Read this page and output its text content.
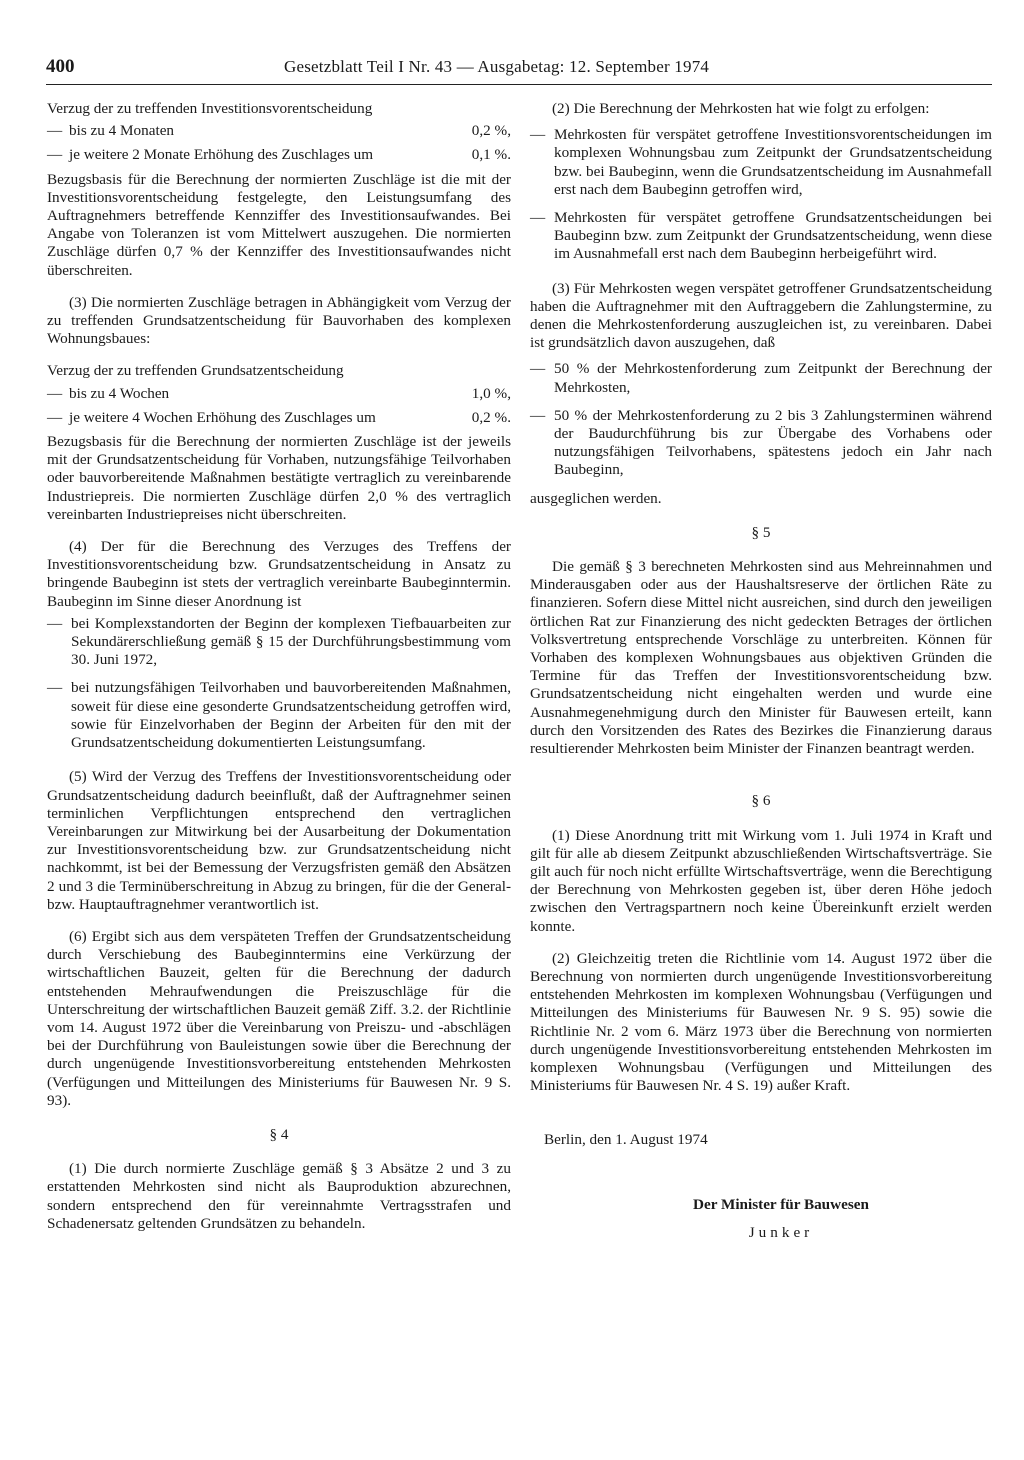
400	Gesetzblatt Teil I Nr. 43 — Ausgabetag: 12. September 1974

Verzug der zu treffenden Investitionsvorentscheidung

— bis zu 4 Monaten	0,2 %,
— je weitere 2 Monate Erhöhung des Zuschlages um	0,1 %.

Bezugsbasis für die Berechnung der normierten Zuschläge ist die mit der Investitionsvorentscheidung festgelegte, den Leistungsumfang des Auftragnehmers betreffende Kennziffer des Investitionsaufwandes. Bei Angabe von Toleranzen ist vom Mittelwert auszugehen. Die normierten Zuschläge dürfen 0,7 % der Kennziffer des Investitionsaufwandes nicht überschreiten.

(3) Die normierten Zuschläge betragen in Abhängigkeit vom Verzug der zu treffenden Grundsatzentscheidung für Bauvorhaben des komplexen Wohnungsbaues:

Verzug der zu treffenden Grundsatzentscheidung

— bis zu 4 Wochen	1,0 %,
— je weitere 4 Wochen Erhöhung des Zuschlages um	0,2 %.

Bezugsbasis für die Berechnung der normierten Zuschläge ist der jeweils mit der Grundsatzentscheidung für Vorhaben, nutzungsfähige Teilvorhaben oder bauvorbereitende Maßnahmen bestätigte vertraglich zu vereinbarende Industriepreis. Die normierten Zuschläge dürfen 2,0 % des vertraglich vereinbarten Industriepreises nicht überschreiten.

(4) Der für die Berechnung des Verzuges des Treffens der Investitionsvorentscheidung bzw. Grundsatzentscheidung in Ansatz zu bringende Baubeginn ist stets der vertraglich vereinbarte Baubeginntermin. Baubeginn im Sinne dieser Anordnung ist

— bei Komplexstandorten der Beginn der komplexen Tiefbauarbeiten zur Sekundärerschließung gemäß § 15 der Durchführungsbestimmung vom 30. Juni 1972,
— bei nutzungsfähigen Teilvorhaben und bauvorbereitenden Maßnahmen, soweit für diese eine gesonderte Grundsatzentscheidung getroffen wird, sowie für Einzelvorhaben der Beginn der Arbeiten für den mit der Grundsatzentscheidung dokumentierten Leistungsumfang.

(5) Wird der Verzug des Treffens der Investitionsvorentscheidung oder Grundsatzentscheidung dadurch beeinflußt, daß der Auftragnehmer seinen terminlichen Verpflichtungen entsprechend den vertraglichen Vereinbarungen zur Mitwirkung bei der Ausarbeitung der Dokumentation zur Investitionsvorentscheidung bzw. zur Grundsatzentscheidung nicht nachkommt, ist bei der Bemessung der Verzugsfristen gemäß den Absätzen 2 und 3 die Terminüberschreitung in Abzug zu bringen, für die der General- bzw. Hauptauftragnehmer verantwortlich ist.

(6) Ergibt sich aus dem verspäteten Treffen der Grundsatzentscheidung durch Verschiebung des Baubeginntermins eine Verkürzung der wirtschaftlichen Bauzeit, gelten für die Berechnung der dadurch entstehenden Mehraufwendungen die Preiszuschläge für die Unterschreitung der wirtschaftlichen Bauzeit gemäß Ziff. 3.2. der Richtlinie vom 14. August 1972 über die Vereinbarung von Preiszu- und -abschlägen bei der Durchführung von Bauleistungen sowie über die Berechnung der durch ungenügende Investitionsvorbereitung entstehenden Mehrkosten (Verfügungen und Mitteilungen des Ministeriums für Bauwesen Nr. 9 S. 93).

§ 4

(1) Die durch normierte Zuschläge gemäß § 3 Absätze 2 und 3 zu erstattenden Mehrkosten sind nicht als Bauproduktion abzurechnen, sondern entsprechend den für vereinnahmte Vertragsstrafen und Schadenersatz geltenden Grundsätzen zu behandeln.

(2) Die Berechnung der Mehrkosten hat wie folgt zu erfolgen:

— Mehrkosten für verspätet getroffene Investitionsvorentscheidungen im komplexen Wohnungsbau zum Zeitpunkt der Grundsatzentscheidung bzw. bei Baubeginn, wenn die Grundsatzentscheidung im Ausnahmefall erst nach dem Baubeginn getroffen wird,
— Mehrkosten für verspätet getroffene Grundsatzentscheidungen bei Baubeginn bzw. zum Zeitpunkt der Grundsatzentscheidung, wenn diese im Ausnahmefall erst nach dem Baubeginn herbeigeführt wird.

(3) Für Mehrkosten wegen verspätet getroffener Grundsatzentscheidung haben die Auftragnehmer mit den Auftraggebern die Zahlungstermine, zu denen die Mehrkostenforderung auszugleichen ist, zu vereinbaren. Dabei ist grundsätzlich davon auszugehen, daß

— 50 % der Mehrkostenforderung zum Zeitpunkt der Berechnung der Mehrkosten,
— 50 % der Mehrkostenforderung zu 2 bis 3 Zahlungsterminen während der Baudurchführung bis zur Übergabe des Vorhabens oder nutzungsfähigen Teilvorhabens, spätestens jedoch ein Jahr nach Baubeginn,

ausgeglichen werden.

§ 5

Die gemäß § 3 berechneten Mehrkosten sind aus Mehreinnahmen und Minderausgaben oder aus der Haushaltsreserve der örtlichen Räte zu finanzieren. Sofern diese Mittel nicht ausreichen, sind durch den jeweiligen örtlichen Rat zur Finanzierung des nicht gedeckten Betrages der örtlichen Volksvertretung entsprechende Vorschläge zu unterbreiten. Können für Vorhaben des komplexen Wohnungsbaues aus objektiven Gründen die Termine für das Treffen der Investitionsvorentscheidung bzw. Grundsatzentscheidung nicht eingehalten werden und wurde eine Ausnahmegenehmigung durch den Minister für Bauwesen erteilt, kann durch den Vorsitzenden des Rates des Bezirkes die Finanzierung daraus resultierender Mehrkosten beim Minister der Finanzen beantragt werden.

§ 6

(1) Diese Anordnung tritt mit Wirkung vom 1. Juli 1974 in Kraft und gilt für alle ab diesem Zeitpunkt abzuschließenden Wirtschaftsverträge. Sie gilt auch für noch nicht erfüllte Wirtschaftsverträge, wenn die Berechtigung der Berechnung von Mehrkosten gegeben ist, über deren Höhe jedoch zwischen den Vertragspartnern noch keine Übereinkunft erzielt werden konnte.

(2) Gleichzeitig treten die Richtlinie vom 14. August 1972 über die Berechnung von normierten durch ungenügende Investitionsvorbereitung entstehenden Mehrkosten im komplexen Wohnungsbau (Verfügungen und Mitteilungen des Ministeriums für Bauwesen Nr. 9 S. 95) sowie die Richtlinie Nr. 2 vom 6. März 1973 über die Berechnung von normierten durch ungenügende Investitionsvorbereitung entstehenden Mehrkosten im komplexen Wohnungsbau (Verfügungen und Mitteilungen des Ministeriums für Bauwesen Nr. 4 S. 19) außer Kraft.

Berlin, den 1. August 1974
Der Minister für Bauwesen
Junker
